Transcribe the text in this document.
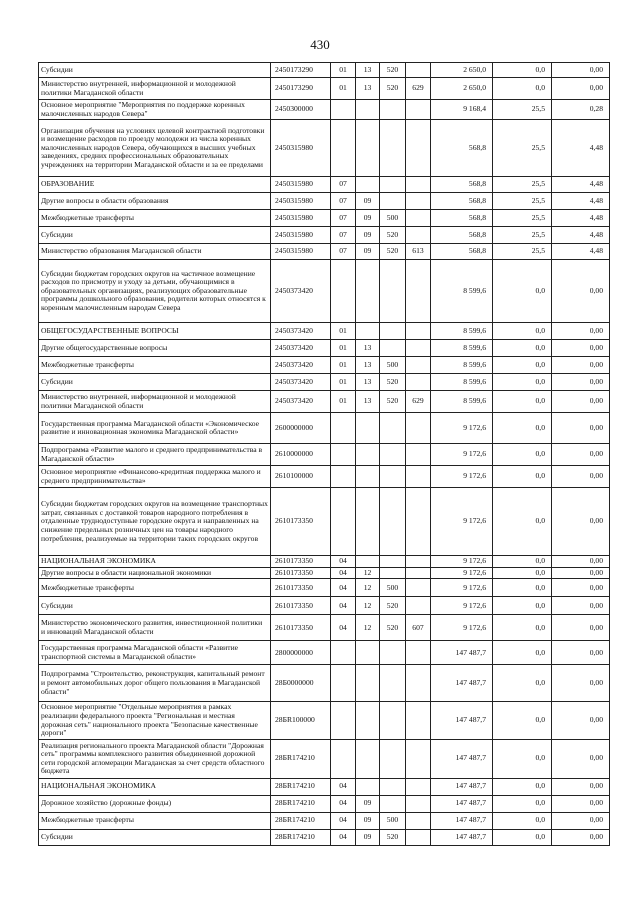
430
Субсидии	2450173290	01	13	520		2 650,0	0,0	0,00
Министерство внутренней, информационной и молодежной политики Магаданской области	2450173290	01	13	520	629	2 650,0	0,0	0,00
Основное мероприятие "Мероприятия по поддержке коренных малочисленных народов Севера"	2450300000					9 168,4	25,5	0,28
Организация обучения на условиях целевой контрактной подготовки и возмещение расходов по проезду молодежи из числа коренных малочисленных народов Севера, обучающихся в высших учебных заведениях, средних профессиональных образовательных учреждениях на территории Магаданской области и за ее пределами	2450315980					568,8	25,5	4,48
ОБРАЗОВАНИЕ	2450315980	07				568,8	25,5	4,48
Другие вопросы в области образования	2450315980	07	09			568,8	25,5	4,48
Межбюджетные трансферты	2450315980	07	09	500		568,8	25,5	4,48
Субсидии	2450315980	07	09	520		568,8	25,5	4,48
Министерство образования Магаданской области	2450315980	07	09	520	613	568,8	25,5	4,48
Субсидии бюджетам городских округов на частичное возмещение расходов по присмотру и уходу за детьми, обучающимися в образовательных организациях, реализующих образовательные программы дошкольного образования, родители которых относятся к коренным малочисленным народам Севера	2450373420					8 599,6	0,0	0,00
ОБЩЕГОСУДАРСТВЕННЫЕ ВОПРОСЫ	2450373420	01				8 599,6	0,0	0,00
Другие общегосударственные вопросы	2450373420	01	13			8 599,6	0,0	0,00
Межбюджетные трансферты	2450373420	01	13	500		8 599,6	0,0	0,00
Субсидии	2450373420	01	13	520		8 599,6	0,0	0,00
Министерство внутренней, информационной и молодежной политики Магаданской области	2450373420	01	13	520	629	8 599,6	0,0	0,00
Государственная программа Магаданской области «Экономическое развитие и инновационная экономика Магаданской области»	2600000000					9 172,6	0,0	0,00
Подпрограмма «Развитие малого и среднего предпринимательства в Магаданской области»	2610000000					9 172,6	0,0	0,00
Основное мероприятие «Финансово-кредитная поддержка малого и среднего предпринимательства»	2610100000					9 172,6	0,0	0,00
Субсидии бюджетам городских округов на возмещение транспортных затрат, связанных с доставкой товаров народного потребления в отдаленные труднодоступные городские округа и направленных на снижение предельных розничных цен на товары народного потребления, реализуемые на территории таких городских округов	2610173350					9 172,6	0,0	0,00
НАЦИОНАЛЬНАЯ ЭКОНОМИКА	2610173350	04				9 172,6	0,0	0,00
Другие вопросы в области национальной экономики	2610173350	04	12			9 172,6	0,0	0,00
Межбюджетные трансферты	2610173350	04	12	500		9 172,6	0,0	0,00
Субсидии	2610173350	04	12	520		9 172,6	0,0	0,00
Министерство экономического развития, инвестиционной политики и инноваций Магаданской области	2610173350	04	12	520	607	9 172,6	0,0	0,00
Государственная программа Магаданской области «Развитие транспортной системы в Магаданской области»	2800000000					147 487,7	0,0	0,00
Подпрограмма "Строительство, реконструкция, капитальный ремонт и ремонт автомобильных дорог общего пользования в Магаданской области"	28Б0000000					147 487,7	0,0	0,00
Основное мероприятие "Отдельные мероприятия в рамках реализации федерального проекта "Региональная и местная дорожная сеть" национального проекта "Безопасные качественные дороги"	28БR100000					147 487,7	0,0	0,00
Реализация регионального проекта Магаданской области "Дорожная сеть" программы комплексного развития объединенной дорожной сети городской агломерации Магаданская за счет средств областного бюджета	28БR174210					147 487,7	0,0	0,00
НАЦИОНАЛЬНАЯ ЭКОНОМИКА	28БR174210	04				147 487,7	0,0	0,00
Дорожное хозяйство (дорожные фонды)	28БR174210	04	09			147 487,7	0,0	0,00
Межбюджетные трансферты	28БR174210	04	09	500		147 487,7	0,0	0,00
Субсидии	28БR174210	04	09	520		147 487,7	0,0	0,00
